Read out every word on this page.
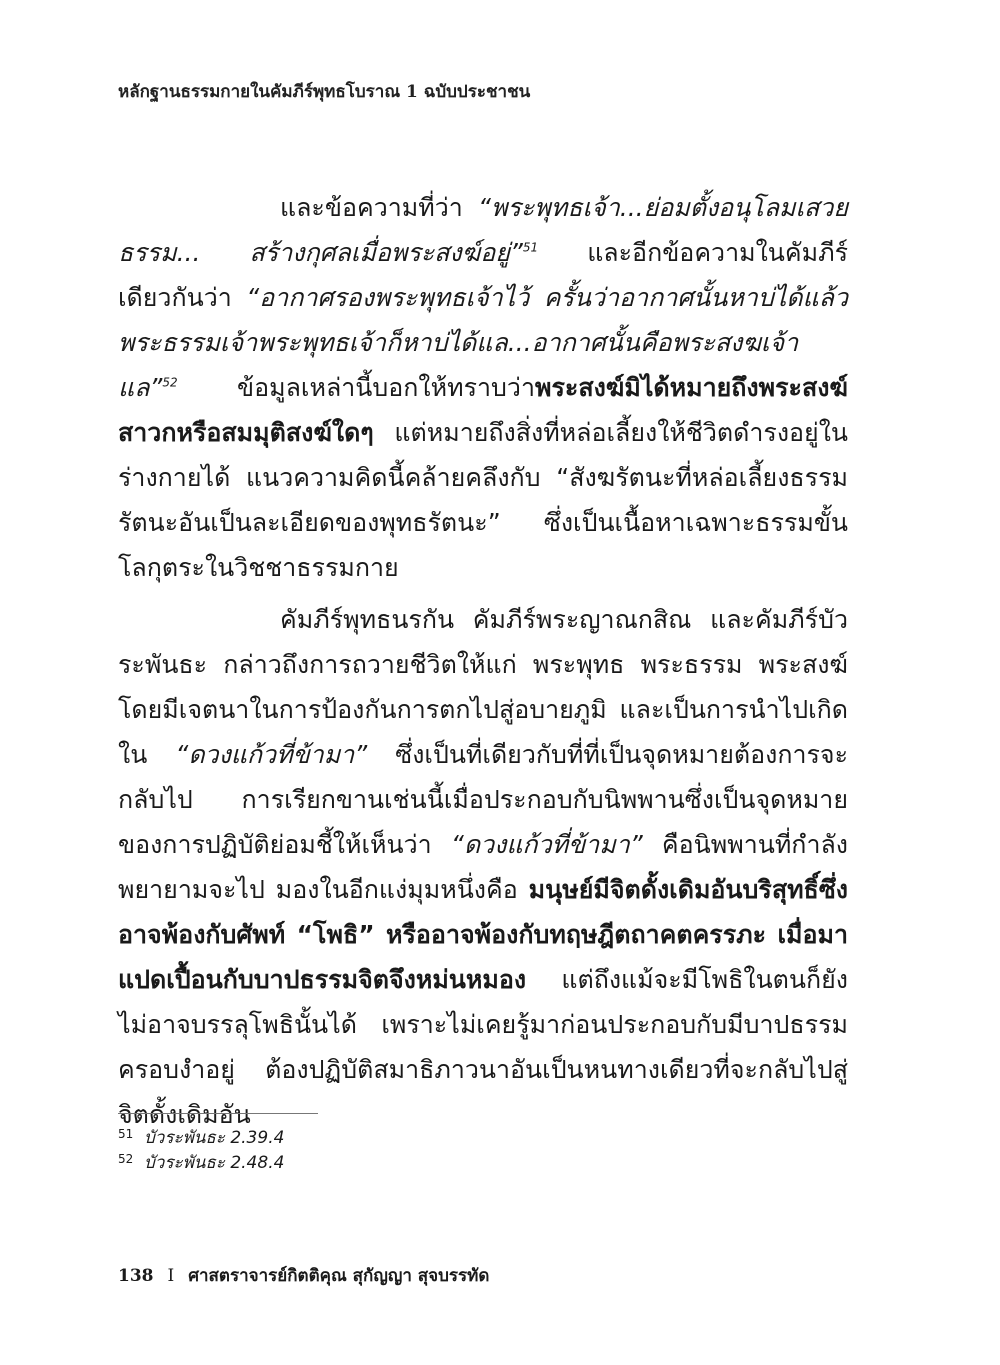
หลักฐานธรรมกายในคัมภีร์พุทธโบราณ 1 ฉบับประชาชน

และข้อความที่ว่า “พระพุทธเจ้า...ย่อมตั้งอนุโลมเสวยธรรม... สร้างกุศลเมื่อพระสงฆ์อยู่”$^{51}$ และอีกข้อความในคัมภีร์เดียวกันว่า “อากาศรองพระพุทธเจ้าไว้ ครั้นว่าอากาศนั้นหาบ่ได้แล้ว พระธรรมเจ้าพระพุทธเจ้าก็หาบ่ได้แล...อากาศนั้นคือพระสงฆเจ้าแล”$^{52}$ ข้อมูลเหล่านี้บอกให้ทราบว่าพระสงฆ์มิได้หมายถึงพระสงฆ์สาวกหรือสมมุติสงฆ์ใดๆ แต่หมายถึงสิ่งที่หล่อเลี้ยงให้ชีวิตดำรงอยู่ในร่างกายได้ แนวความคิดนี้คล้ายคลึงกับ “สังฆรัตนะที่หล่อเลี้ยงธรรมรัตนะอันเป็นละเอียดของพุทธรัตนะ” ซึ่งเป็นเนื้อหาเฉพาะธรรมขั้นโลกุตระในวิชชาธรรมกาย

คัมภีร์พุทธนรกัน คัมภีร์พระญาณกสิณ และคัมภีร์บัวระพันธะ กล่าวถึงการถวายชีวิตให้แก่ พระพุทธ พระธรรม พระสงฆ์ โดยมีเจตนาในการป้องกันการตกไปสู่อบายภูมิ และเป็นการนำไปเกิดใน “ดวงแก้วที่ข้ามา” ซึ่งเป็นที่เดียวกับที่ที่เป็นจุดหมายต้องการจะกลับไป การเรียกขานเช่นนี้เมื่อประกอบกับนิพพานซึ่งเป็นจุดหมายของการปฏิบัติย่อมชี้ให้เห็นว่า “ดวงแก้วที่ข้ามา” คือนิพพานที่กำลังพยายามจะไป มองในอีกแง่มุมหนึ่งคือ มนุษย์มีจิตดั้งเดิมอันบริสุทธิ์ซึ่งอาจพ้องกับศัพท์ “โพธิ” หรืออาจพ้องกับทฤษฎีตถาคตครรภะ เมื่อมาแปดเปื้อนกับบาปธรรมจิตจึงหม่นหมอง แต่ถึงแม้จะมีโพธิในตนก็ยังไม่อาจบรรลุโพธินั้นได้ เพราะไม่เคยรู้มาก่อนประกอบกับมีบาปธรรมครอบงำอยู่ ต้องปฏิบัติสมาธิภาวนาอันเป็นหนทางเดียวที่จะกลับไปสู่จิตดั้งเดิมอัน

51 บัวระพันธะ 2.39.4
52 บัวระพันธะ 2.48.4
138 I ศาสตราจารย์กิตติคุณ สุกัญญา สุจบรรทัด
